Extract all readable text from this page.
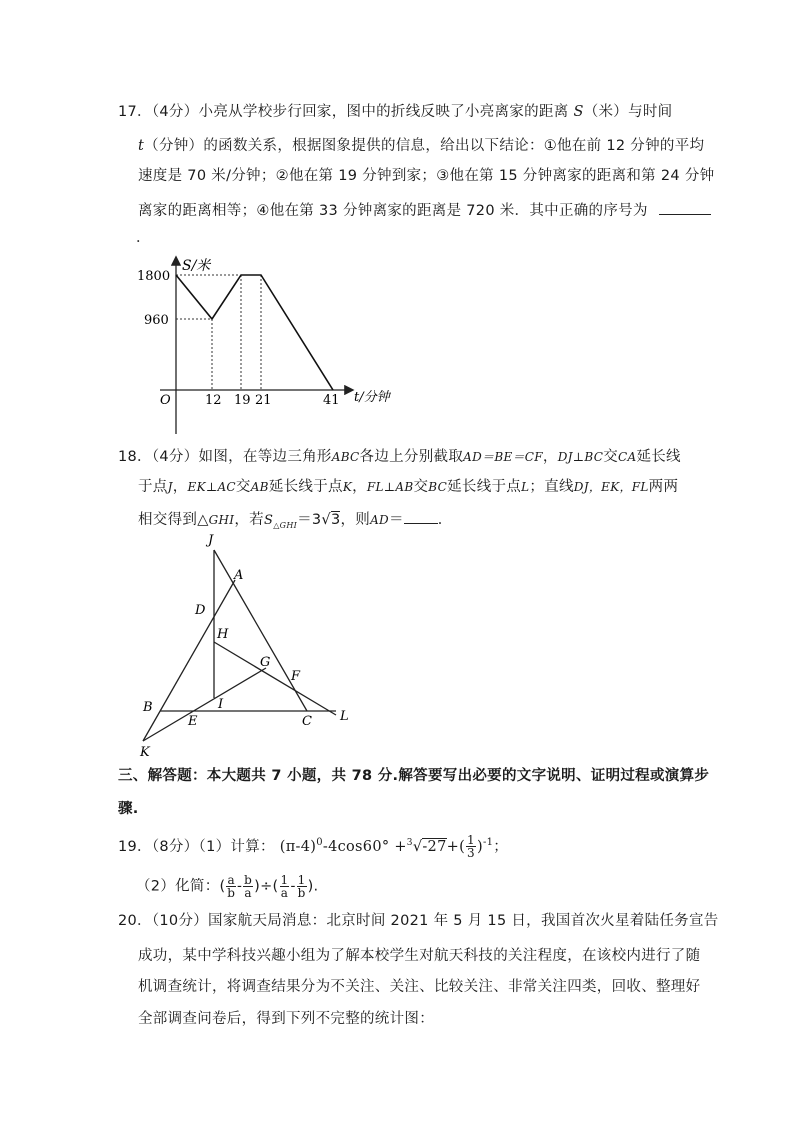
17．（4分）小亮从学校步行回家，图中的折线反映了小亮离家的距离 S（米）与时间
t（分钟）的函数关系，根据图象提供的信息，给出以下结论：①他在前 12 分钟的平均
速度是 70 米/分钟；②他在第 19 分钟到家；③他在第 15 分钟离家的距离和第 24 分钟
离家的距离相等；④他在第 33 分钟离家的距离是 720 米．其中正确的序号为
．
S/米
t/分钟
O
1800
960
12 19 21	41
18．（4分）如图，在等边三角形ABC各边上分别截取AD＝BE＝CF，DJ⊥BC交CA延长线
于点J，EK⊥AC交AB延长线于点K，FL⊥AB交BC延长线于点L；直线DJ，EK，FL两两
相交得到△GHI，若$S_{\triangle GHI}=3√3$，则AD＝ ．
J
A
D
H
G
F
B
E
I
C L
K
三、解答题：本大题共 7 小题，共 78 分.解答要写出必要的文字说明、证明过程或演算步
骤.
19．（8分）（1）计算： $(\pi-4)^0-4\cos 60^\circ +^3√-27+( \frac{1}{3} )^{-1}$；
（2）化简：( $\frac{a}{b} - \frac{b}{a}$ )÷( $\frac{1}{a} - \frac{1}{b}$ ).
20．（10分）国家航天局消息：北京时间 2021 年 5 月 15 日，我国首次火星着陆任务宣告
成功，某中学科技兴趣小组为了解本校学生对航天科技的关注程度，在该校内进行了随
机调查统计，将调查结果分为不关注、关注、比较关注、非常关注四类，回收、整理好
全部调查问卷后，得到下列不完整的统计图：
